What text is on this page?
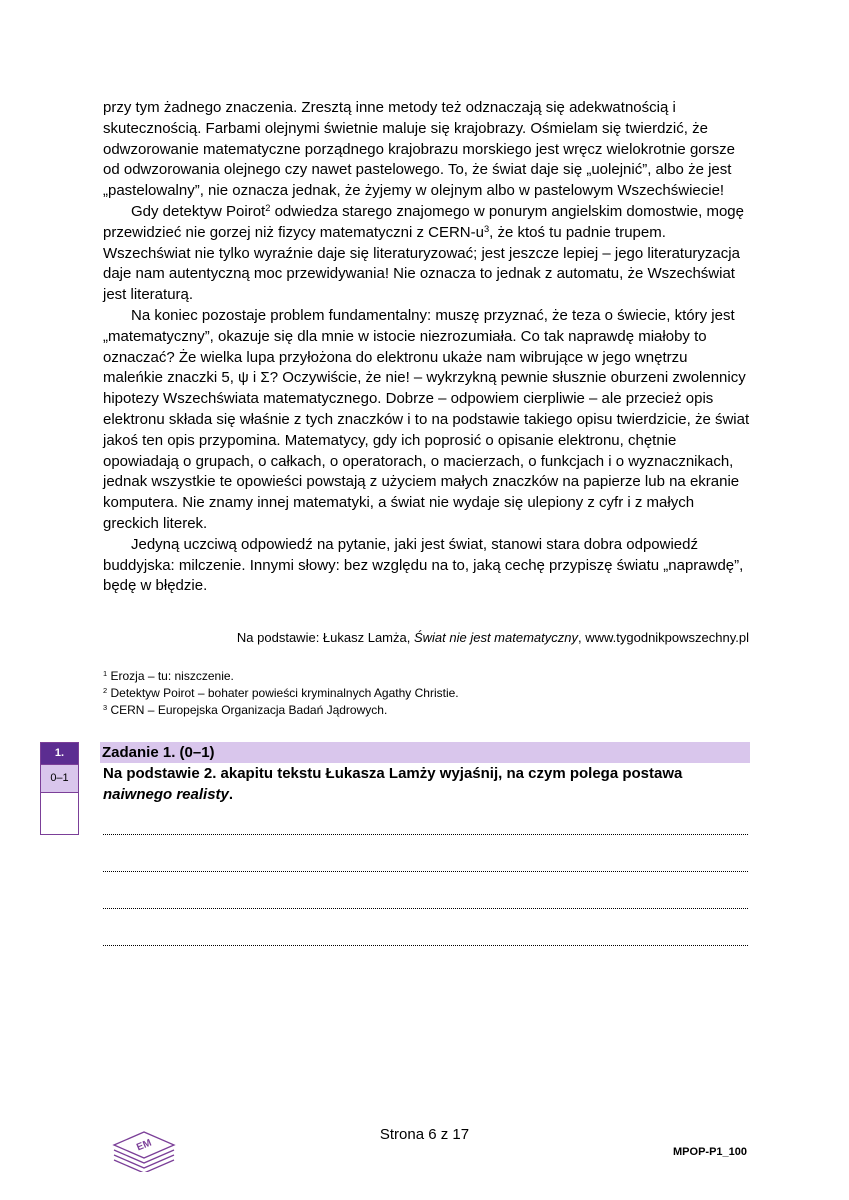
przy tym żadnego znaczenia. Zresztą inne metody też odznaczają się adekwatnością i skutecznością. Farbami olejnymi świetnie maluje się krajobrazy. Ośmielam się twierdzić, że odwzorowanie matematyczne porządnego krajobrazu morskiego jest wręcz wielokrotnie gorsze od odwzorowania olejnego czy nawet pastelowego. To, że świat daje się „uolejnić”, albo że jest „pastelowalny”, nie oznacza jednak, że żyjemy w olejnym albo w pastelowym Wszechświecie!

Gdy detektyw Poirot$^2$ odwiedza starego znajomego w ponurym angielskim domostwie, mogę przewidzieć nie gorzej niż fizycy matematyczni z CERN-$u^3$, że ktoś tu padnie trupem. Wszechświat nie tylko wyraźnie daje się literaturyzować; jest jeszcze lepiej – jego literaturyzacja daje nam autentyczną moc przewidywania! Nie oznacza to jednak z automatu, że Wszechświat jest literaturą.

Na koniec pozostaje problem fundamentalny: muszę przyznać, że teza o świecie, który jest „matematyczny”, okazuje się dla mnie w istocie niezrozumiała. Co tak naprawdę miałoby to oznaczać? Że wielka lupa przyłożona do elektronu ukaże nam wibrujące w jego wnętrzu maleńkie znaczki 5, ψ i Σ? Oczywiście, że nie! – wykrzykną pewnie słusznie oburzeni zwolennicy hipotezy Wszechświata matematycznego. Dobrze – odpowiem cierpliwie – ale przecież opis elektronu składa się właśnie z tych znaczków i to na podstawie takiego opisu twierdzicie, że świat jakoś ten opis przypomina. Matematycy, gdy ich poprosić o opisanie elektronu, chętnie opowiadają o grupach, o całkach, o operatorach, o macierzach, o funkcjach i o wyznacznikach, jednak wszystkie te opowieści powstają z użyciem małych znaczków na papierze lub na ekranie komputera. Nie znamy innej matematyki, a świat nie wydaje się ulepiony z cyfr i z małych greckich literek.

Jedyną uczciwą odpowiedź na pytanie, jaki jest świat, stanowi stara dobra odpowiedź buddyjska: milczenie. Innymi słowy: bez względu na to, jaką cechę przypiszę światu „naprawdę”, będę w błędzie.

Na podstawie: Łukasz Lamża, Świat nie jest matematyczny, www.tygodnikpowszechny.pl
$^1$ Erozja – tu: niszczenie.
$^2$ Detektyw Poirot – bohater powieści kryminalnych Agathy Christie.
$^3$ CERN – Europejska Organizacja Badań Jądrowych.
1.
0–1
Zadanie 1. (0–1)
Na podstawie 2. akapitu tekstu Łukasza Lamży wyjaśnij, na czym polega postawa naiwnego realisty.
EM
Strona 6 z 17
MPOP-P1_100
